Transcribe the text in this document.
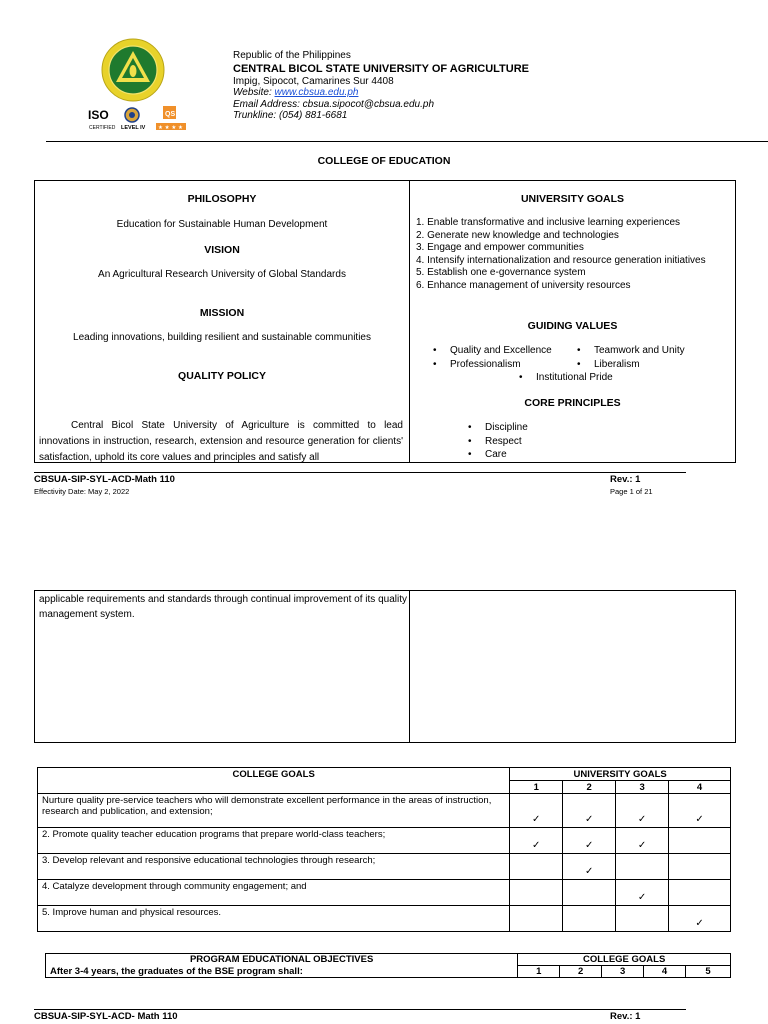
ISO
CERTIFIED LEVEL IV
QS
★ ★ ★ ★
Republic of the Philippines
CENTRAL BICOL STATE UNIVERSITY OF AGRICULTURE
Impig, Sipocot, Camarines Sur 4408
Website: www.cbsua.edu.ph
Email Address: cbsua.sipocot@cbsua.edu.ph
Trunkline: (054) 881-6681
COLLEGE OF EDUCATION
PHILOSOPHY
Education for Sustainable Human Development
VISION
An Agricultural Research University of Global Standards
MISSION
Leading innovations, building resilient and sustainable communities
QUALITY POLICY
Central Bicol State University of Agriculture is committed to lead innovations in instruction, research, extension and resource generation for clients' satisfaction, uphold its core values and principles and satisfy all
UNIVERSITY GOALS
1. Enable transformative and inclusive learning experiences
2. Generate new knowledge and technologies
3. Engage and empower communities
4. Intensify internationalization and resource generation initiatives
5. Establish one e-governance system
6. Enhance management of university resources
GUIDING VALUES
• Quality and Excellence	• Teamwork and Unity
• Professionalism	• Liberalism
• Institutional Pride
CORE PRINCIPLES
• Discipline
• Respect
• Care
CBSUA-SIP-SYL-ACD-Math 110	Rev.: 1
Effectivity Date: May 2, 2022	Page 1 of 21
applicable requirements and standards through continual improvement of its quality management system.
COLLEGE GOALS	UNIVERSITY GOALS			
	1	2	3	4
Nurture quality pre-service teachers who will demonstrate excellent performance in the areas of instruction, research and publication, and extension;	✓	✓	✓	✓
2. Promote quality teacher education programs that prepare world-class teachers;	✓	✓	✓	
3. Develop relevant and responsive educational technologies through research;		✓		
4. Catalyze development through community engagement; and			✓	
5. Improve human and physical resources.				✓
PROGRAM EDUCATIONAL OBJECTIVES	COLLEGE GOALS				
After 3-4 years, the graduates of the BSE program shall:	1	2	3	4	5
CBSUA-SIP-SYL-ACD- Math 110	Rev.: 1
